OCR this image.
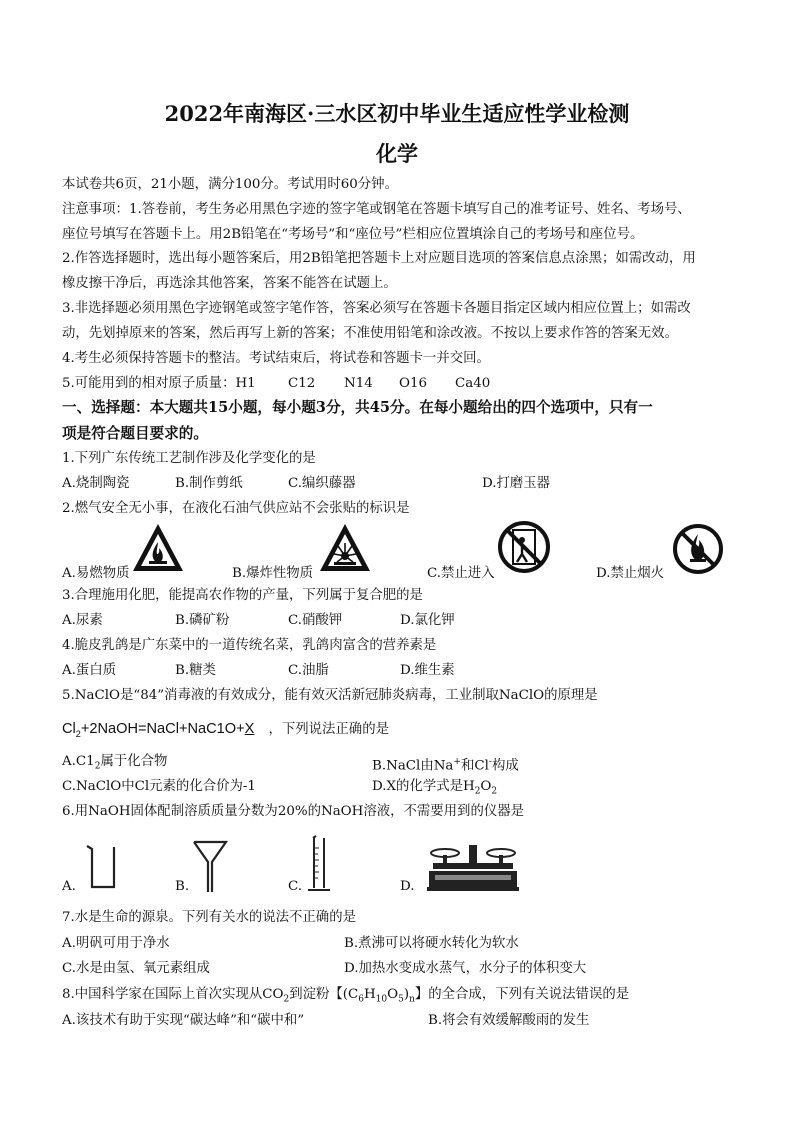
2022年南海区·三水区初中毕业生适应性学业检测
化学
本试卷共6页，21小题，满分100分。考试用时60分钟。
注意事项：1.答卷前，考生务必用黑色字迹的签字笔或钢笔在答题卡填写自己的准考证号、姓名、考场号、
座位号填写在答题卡上。用2B铅笔在“考场号”和“座位号”栏相应位置填涂自己的考场号和座位号。
2.作答选择题时，选出每小题答案后，用2B铅笔把答题卡上对应题目选项的答案信息点涂黑；如需改动，用
橡皮擦干净后，再选涂其他答案，答案不能答在试题上。
3.非选择题必须用黑色字迹钢笔或签字笔作答，答案必须写在答题卡各题目指定区域内相应位置上；如需改
动，先划掉原来的答案，然后再写上新的答案；不准使用铅笔和涂改液。不按以上要求作答的答案无效。
4.考生必须保持答题卡的整洁。考试结束后，将试卷和答题卡一并交回。
5.可能用到的相对原子质量：H1 C12 N14 O16 Ca40
一、选择题：本大题共15小题，每小题3分，共45分。在每小题给出的四个选项中，只有一
项是符合题目要求的。
1.下列广东传统工艺制作涉及化学变化的是
A.烧制陶瓷	B.制作剪纸	C.编织藤器	D.打磨玉器
2.燃气安全无小事，在液化石油气供应站不会张贴的标识是
A.易燃物质	B.爆炸性物质	C.禁止进入	D.禁止烟火
3.合理施用化肥，能提高农作物的产量，下列属于复合肥的是
A.尿素	B.磷矿粉	C.硝酸钾	D.氯化钾
4.脆皮乳鸽是广东菜中的一道传统名菜，乳鸽肉富含的营养素是
A.蛋白质	B.糖类	C.油脂	D.维生素
5.NaClO是“84”消毒液的有效成分，能有效灭活新冠肺炎病毒，工业制取NaClO的原理是
$Cl_2+2NaOH=NaCl+NaC1O+X$ ，下列说法正确的是
$A.C1_2$属于化合物	B.NaCl由Na+和Cl-构成
C.NaClO中Cl元素的化合价为-1	D.X的化学式是$H_2O_2$
6.用NaOH固体配制溶质质量分数为20%的NaOH溶液，不需要用到的仪器是
A.	B.	C.	D.
7.水是生命的源泉。下列有关水的说法不正确的是
A.明矾可用于净水	B.煮沸可以将硬水转化为软水
C.水是由氢、氧元素组成	D.加热水变成水蒸气，水分子的体积变大
8.中国科学家在国际上首次实现从$CO_2$到淀粉【$(C_6H_{10}O_5)_n$】的全合成，下列有关说法错误的是
A.该技术有助于实现“碳达峰”和“碳中和”	B.将会有效缓解酸雨的发生
